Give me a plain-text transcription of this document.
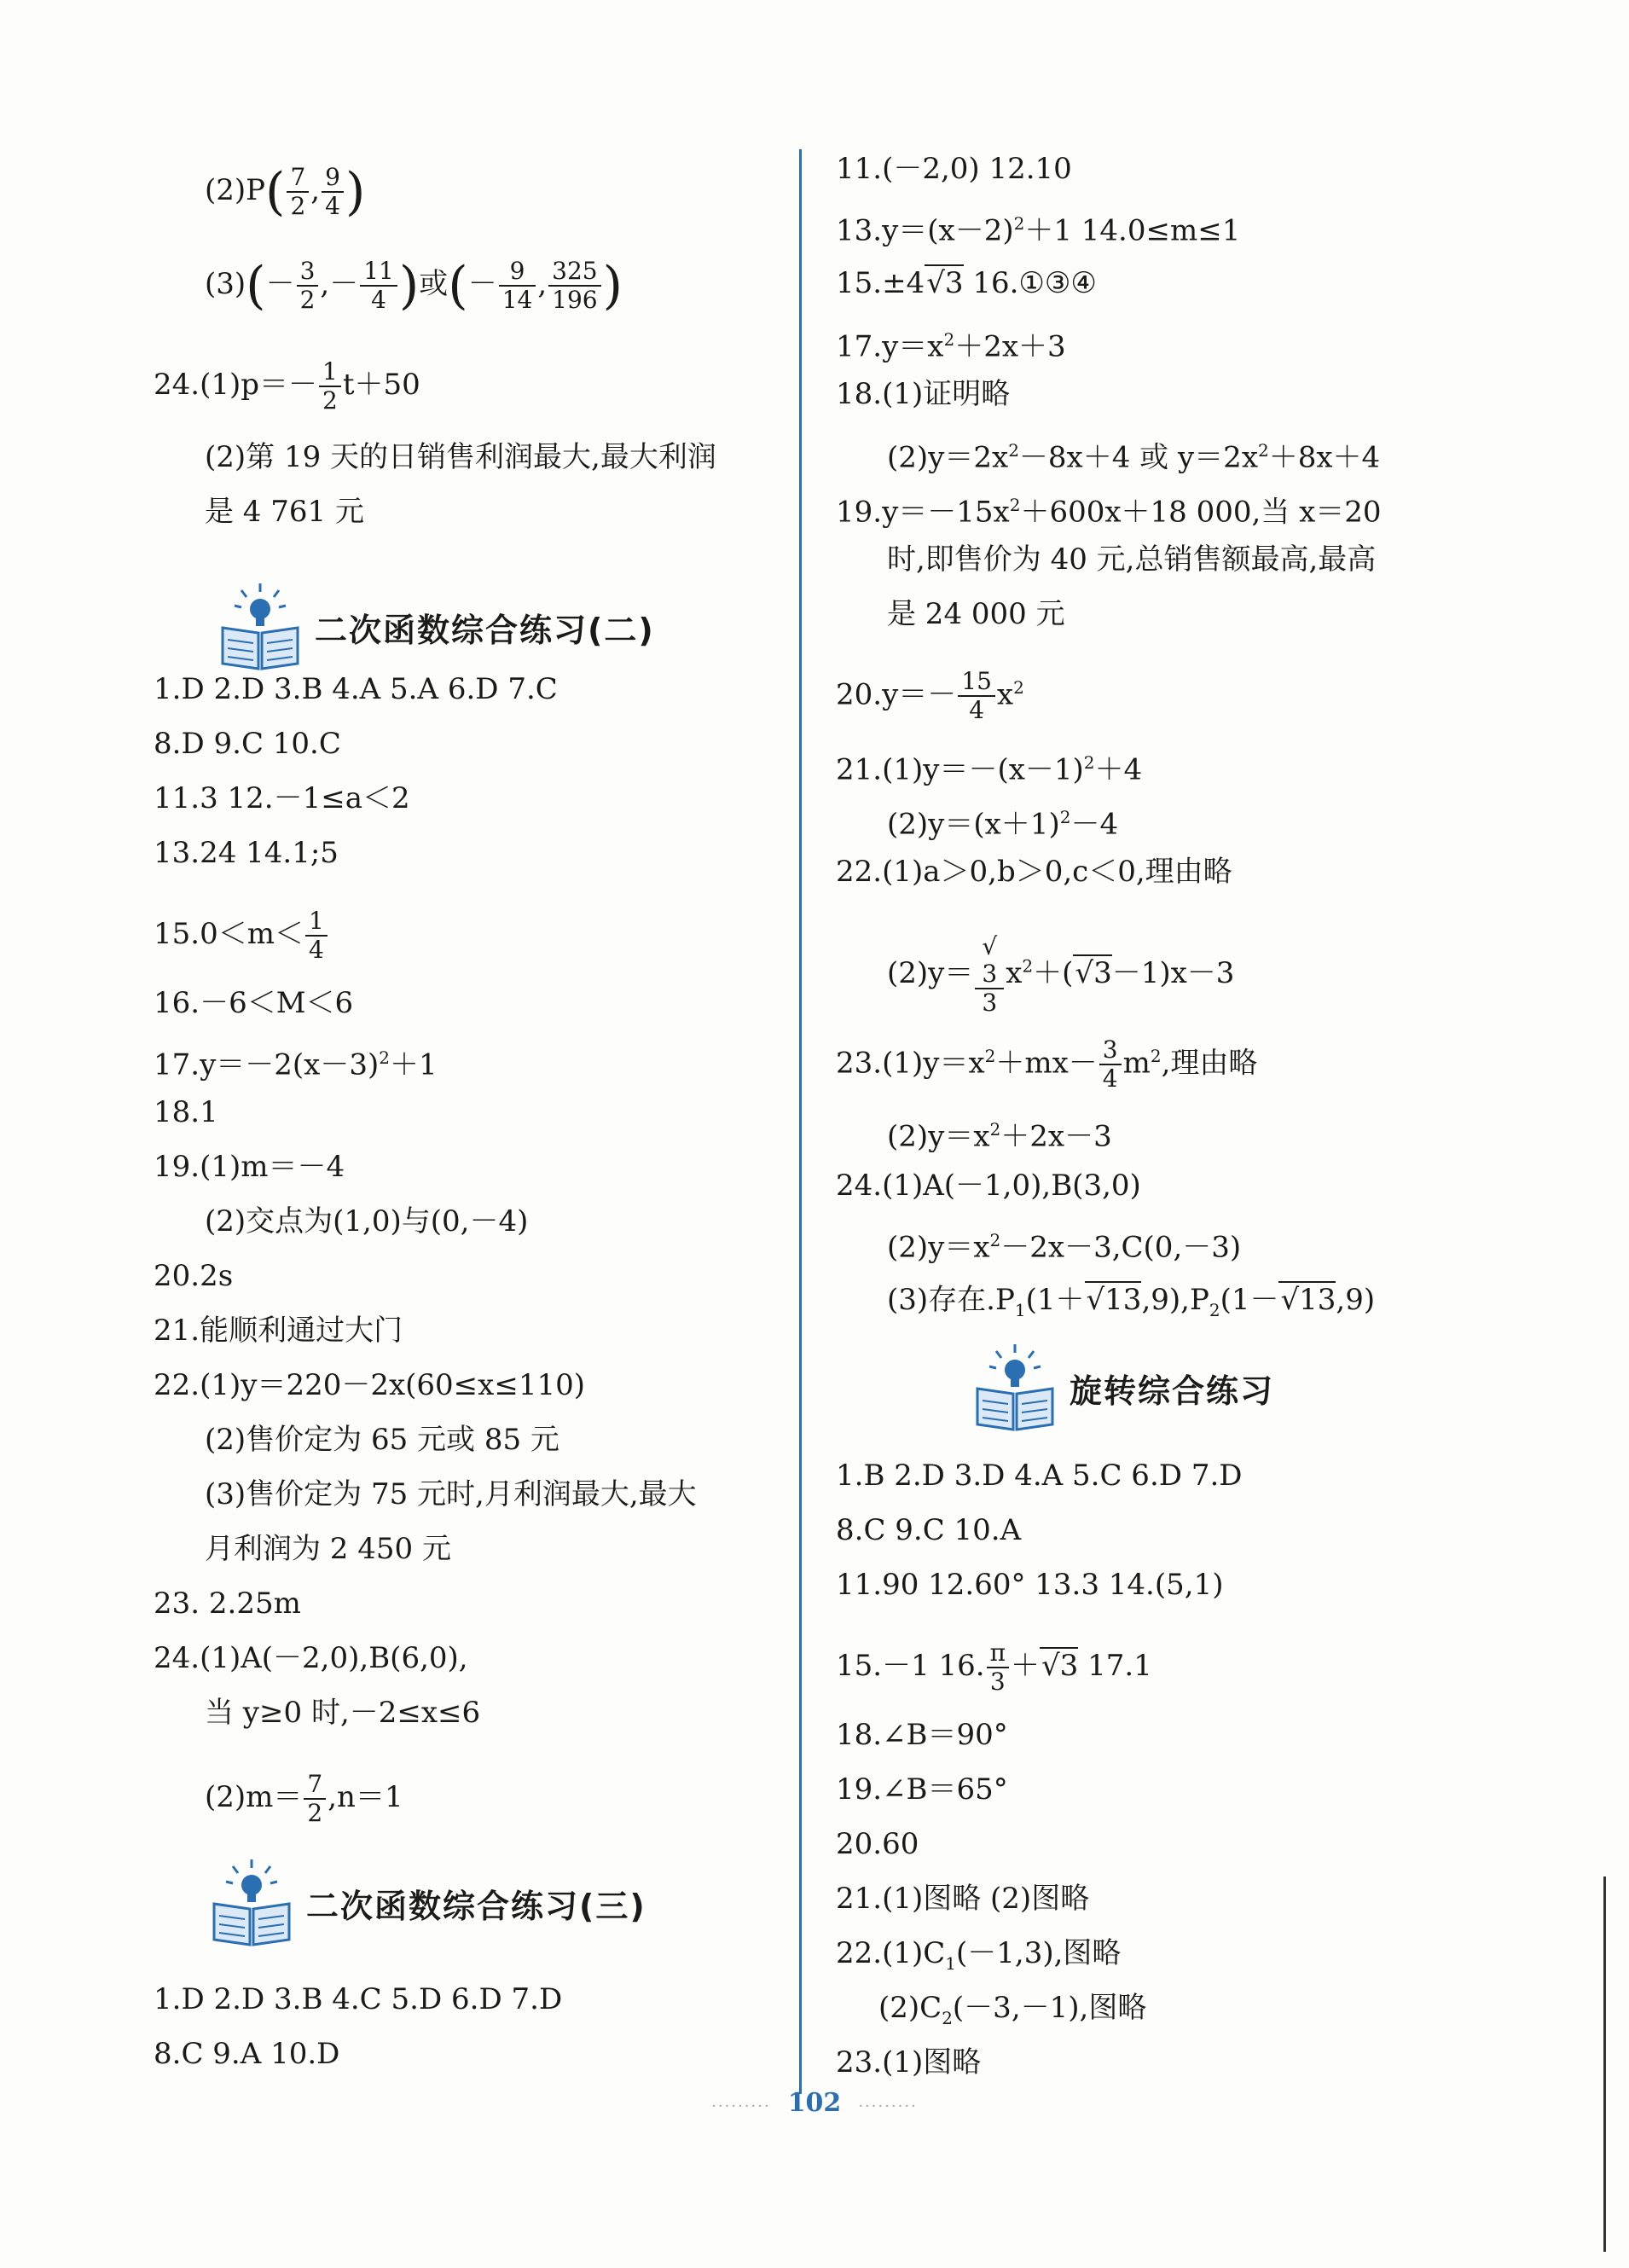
$(2)P( \frac{7}{2}$ , $\frac{9}{4}$ )
$(3)(- \frac{3}{2}$ ,－ $\frac{11}{4}$ )或(－ $\frac{9}{14}$ , $\frac{325}{196}$ )
$24.(1)p=- \frac{1}{2} t+50$
(2)第 19 天的日销售利润最大,最大利润
是 4 761 元
二次函数综合练习(二)
1.D 2.D 3.B 4.A 5.A 6.D 7.C
8.D 9.C 10.C
11.3 12.－1≤a＜2
13.24 14.1;5
$15.0<m< \frac{1}{4}$
16.－6＜M＜6
$17.y=-2(x-3)^2+1$
18.1
19.(1)m＝－4
(2)交点为(1,0)与(0,－4)
20.2s
21.能顺利通过大门
22.(1)y＝220－2x(60≤x≤110)
(2)售价定为 65 元或 85 元
(3)售价定为 75 元时,月利润最大,最大
月利润为 2 450 元
23. 2.25m
24.(1)A(－2,0),B(6,0),
当 y≥0 时,－2≤x≤6
$(2)m= \frac{7}{2} ,n=1$
二次函数综合练习(三)
1.D 2.D 3.B 4.C 5.D 6.D 7.D
8.C 9.A 10.D
11.(－2,0) 12.10
$13.y=(x-2)^2+1$ 14.0≤m≤1
15.±4√3 16.①③④
$17.y=x^2+2x+3$
18.(1)证明略
$(2)y=2x^2-8x+4$ 或 $y=2x^2+8x+4$
$19.y=-15x^2+600x+18$ 000,当 x＝20
时,即售价为 40 元,总销售额最高,最高
是 24 000 元
$20.y=- \frac{15}{4} x^2$
$21.(1)y=-(x-1)^2+4$
$(2)y=(x+1)^2-4$
22.(1)a＞0,b＞0,c＜0,理由略
(2)y＝ √
3
3 $x^2+(√3-1)x-3$
$23.(1)y=x^2+mx- \frac{3}{4} m^2$,理由略
$(2)y=x^2+2x-3$
24.(1)A(－1,0),B(3,0)
$(2)y=x^2-2x-3,C(0,-3)$
(3)存在$.P_1(1+√13,9),P_2(1-√13,9)$
旋转综合练习
1.B 2.D 3.D 4.A 5.C 6.D 7.D
8.C 9.C 10.A
11.90 12.60° 13.3 14.(5,1)
15.－1 16. $\frac{\pi}{3} +√3$ 17.1
18.∠B＝90°
19.∠B＝65°
20.60
21.(1)图略 (2)图略
$22.(1)C_1(-1,3)$,图略
$(2)C_2(-3,-1)$,图略
23.(1)图略
········· 102 ·········
